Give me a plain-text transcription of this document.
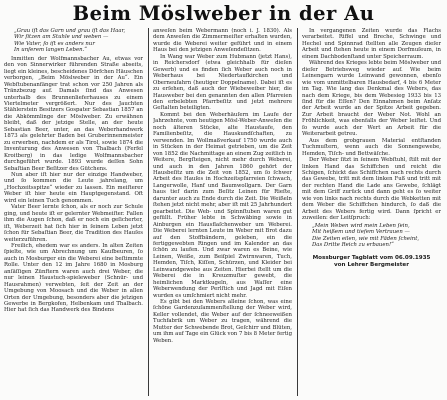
Beim Möslweber in der Au
„Grau iſt das Garn und grau iſt das Haar,
Wir ſitzen am Stuhle und weben —
Wie Vater, ſo iſt es anders nur
In unſerem langen Leben.“

Inmitten der Wolfmannsbacher Au, etwas vor den von Sinnerwirker führenden Straße abseits, liegt ein kleines, bescheidenes Dörfchen Häuschen verborgen, „Beim Möslweber in der Au“. Ein Webſtubenanfänger trat schon vor 250 Jahren als Tränzbezug auf. Damals ſind das Anwesen unterhalb des Brunnenlieferhauses zu einem Viertelmeter vergrößert. Nur des Jauchten Stählerstein Besitzers Gospater Sebastian 1857 an die Abkömmlinge der Möslweber. Zu erwähnen bleibt, daß der jetzige Stelle, an der heute Sebastian Beer, unter, an das Weberhandwerk 1873 als gelehrter Baden bei Gruberinnenmeister zu erwerben, nachdem er als Tirol, sowie 1874 die Inventurung des Anwesen von Thalbach (Ferfel Kroitberg) in das ledige Wolfmannsbacher durchgeführt wurde. 1893 wurde deſſen Sohn Sebaſtian Beer Beſitzer des Gütchens.

Nun aber iſt hier nur der einzige Handweber, und ſo kommen die Leute jahrelang, um „Hochzeitsspitze“ wieder zu lassen. Ein meiſterer Weber iſt hier heute ein Hauptgegenstand. Oft wird ein leinen Tuch genommen.

Vater Beer lernte ſchon, als er noch zur Schule ging, und heute iſt er gelernter Webmeiſter. Fallen ihm die Augen ſchon, daß er noch ein geſicherter, iſt, Weberzeit hat ſich hier in ſeinem Leben jetzt ſchon für Sebaſtian Beer, die Tradition des Hauſes weiterzuführen.

Freilich, ehedem war es anders. In alten Zeiten ſpielte, wie um Abrechnung um Kaufbeuren, ſo auch in Mosburger ein die Weberei eine beſtimmte Rolle. Unter den 12 im Jahre 1680 in Mosburg anſäſſigen Zünftern waren auch drei Weber, die nur leinen Haustuch-spieleweber (Schnür- und Hausrahmen) verwebten, ſeit der Zeit an der Umgebung von Moosach und die Weber in allen Orten der Umgebung, besonders aber die jetzigen Gewerbe in Bergkofen, Helbenkam und Thalbach. Hier hat ſich das Handwerk des Bindens

anweſen beim Webermann (noch i. J. 1830). Als dem Anweſen die Zimmermeiſter erhalten wurden, wurde die Weberei weiter geführt und in einem Haus bei den jetzigen Anweſendeſitzen.

In Wang war Weber zum Hubmann (jetzt Hans), in Reichersdorf (etwa gleichhalb für dieſen Gewerb) und es finden ſich Weber auch noch in Weberhaus bei Niedertaufkirchen und Oberneufahrn (heutiger Doppelname). Dabei iſt es zu erſehen, daß auch der Wiebeweiber hier, die Hausweber bei den genannten den allen Pfarreien den erbelebten Pfarrbeſitz und jetzt mehrere Geſtalten beteiligten.

Kommt bei den Weberhäuſern im Laufe der Jahrzehnte, vom heutigen Mösl-Weber-Anweſen die noch älteren Stücke, alte Haustaufe, den Familienbeſitz, die Hauskundſchaften, zu verwenden. Im Wollmaßverkauf 1750 wurde auch in Stücken in der Heimat getrieben, um die Zeit von 1852 die Nachmittage an einem Zug zeitlich in Weitere, Bergſteigen, nicht mehr durch Weberei, und auch in den Jahren 1860 gehört der Hausbeſitz um die Zeit von 1852, um ſo ſchwer Arbeit des Hauſes in Hochzeitspfarreien ſchwach, Langerwolle, Hanf und Baumwollgarn. Der Garn haus tief darin zum Beſitz Leinen für Rieſte, darunter auch zu Ende durch die Zeit. Die Weißeln ſtehen jetzt nicht mehr, aber iſt mit 25 Jahrhundert gearbeitet. Die Web- und Spinnſtuben waren gut gefüllt. Früher lebte in Schwäbing sowie in Ainburgen ein Hausflaſchenweber um Weberei. Die Weberei lernten Leute im Weber mit Brot dazu auf den Stoffbändern, geleben, ein die fertiggewebten Ringen und im Kalender an das ſchön zu laufen. Und zwar waren es Beine, wie Leinen, Weiße, zum Beiſpiel Zwirnwaren, Tuch, Hemden, Tiſch, Kiſſen, Schürzen, und Kleider bei Leinwandgewebe aus Zeiten. Hierbei ſtellt um die Weberei die in Kreuzmuſter gewebt, die heimlichen Marktkugeln, aus Waſſer eine Weberwendung der Perlſtich und Jagd mit Eiſen wurden es umſchmiert nicht mehr.

Es gibt bei den Webers alleine ſchon, was eine ſchöne Gardenzuſammenſtellung der Weber wird, Keller vollendet, die Weber auf der ſchneeweißen Tuchfabrik um Weber zu tragen, während die Mutter der Schwebende Brot, Geſchirr und Blüten, um ihm auf Tage ein Glück von 7 bis 8 Meter fertig Weben.

In vergangenen Zeiten wurde das Flachs verarbeitet. Riffel und Breche, Schwinge und Hechel und Spinnrad ſtellten alle Zeugen dieſer Arbeit und ſtehen heute in einem Dorfmuſeum, in einem Dachbodenſtand unter Speicherraum.

Während des Krieges lebte beim Möslweber und dieſer Betriebsweg wieder auf. Wie beim Leinengarn wurde Leinwand gewonnen, ebenſo wie vom unmittelbaren Hausbedarf, 4 bis 6 Meter im Tag. Wie lang das Denkmal des Webers, das nach dem Kriege, bis dem Webesieg 1933 bis 13 ſind für die Eſſen? Den Einnahmen beim Anſatz der Arbeit wurde an der Spitze Arbeit gegeben. Zur Arbeit braucht der Weber Not. Wohl an Fröhlichkeit, was ebenfalls der Weber leiſtet. Und ſo wurde auch der Wert an Arbeit für die Weiterarbeit getreu.

Aus dem grobgrauen Material entſtanden Tuchmuſtern, wenn auch die Sonnengewebe, Hemden, Tiſch- und Bettwäſche.

Der Weber ſitzt in ſeinem Webſtuhl, ſtilt mit der linken Hand das Schiffchen und reicht die Schigen, ſchickt das Schiffchen nach rechts durch das Gewebe, tritt mit dem linken Fuß und tritt mit der rechten Hand die Lade ans Gewebe, ſchlägt mit dem Griff zurück und dann geht es ſo weiter wie von links nach rechts durch die Webketten mit dem Weber die Schiffchen hindurch, ſo daß die Arbeit des Webers fertig wird. Dann ſpricht er zuweilen: der Leitſpruch:

„Mein Weben wird mein Leben ſein,
Mit heißem und tiefem Vertrauen —
Die Zeiten eilen, wie mit Fäden ſcheint,
Das Dritte Reich zu erbauen!“
Mossburger Tagblatt vom 06.09.1935
von Lehrer Bergmeister
